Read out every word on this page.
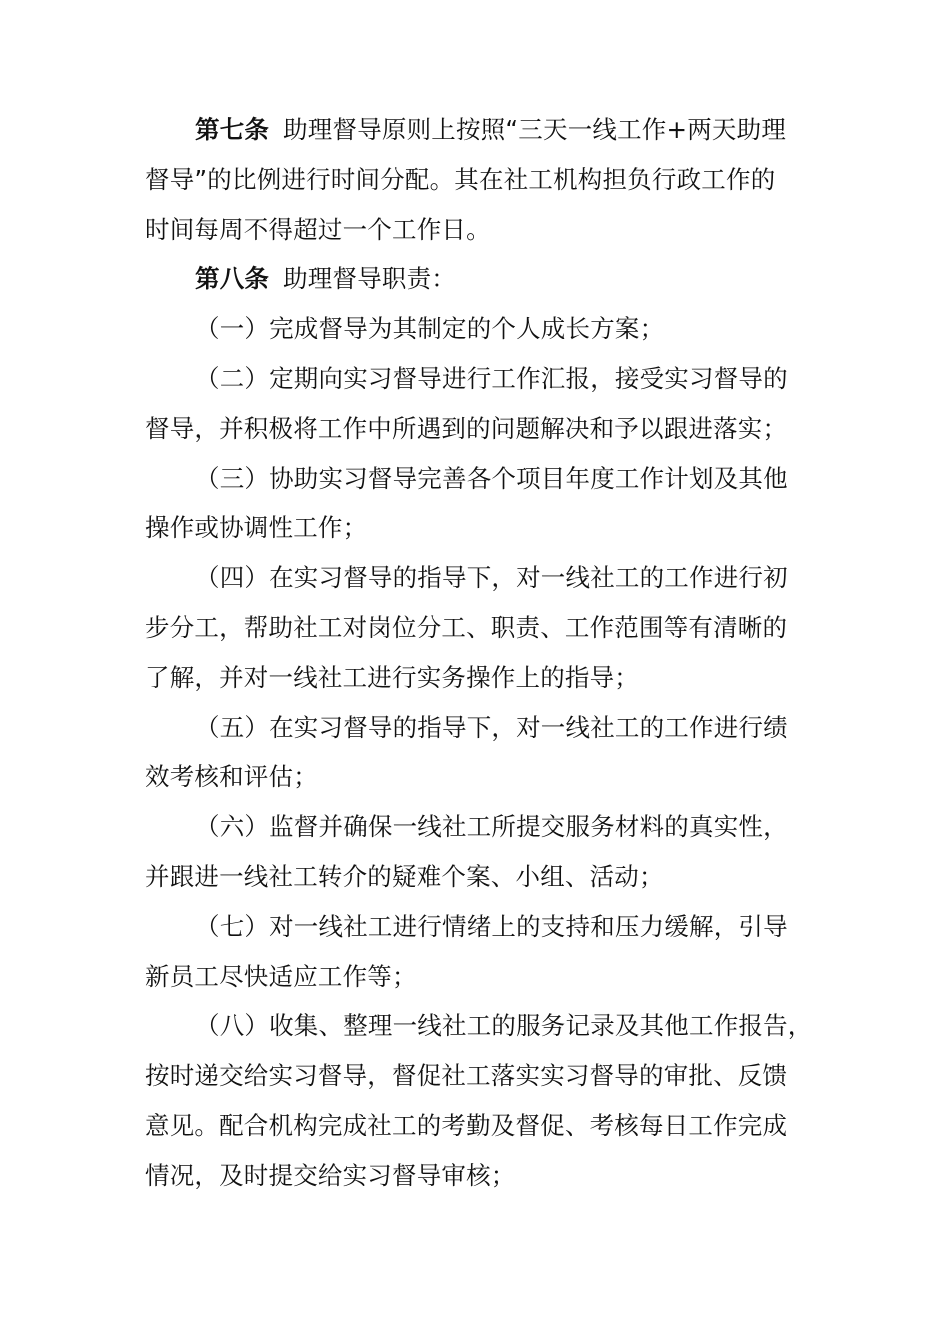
第七条 助理督导原则上按照“三天一线工作+两天助理
督导”的比例进行时间分配。其在社工机构担负行政工作的
时间每周不得超过一个工作日。

第八条 助理督导职责：

（一）完成督导为其制定的个人成长方案；

（二）定期向实习督导进行工作汇报，接受实习督导的
督导，并积极将工作中所遇到的问题解决和予以跟进落实；

（三）协助实习督导完善各个项目年度工作计划及其他
操作或协调性工作；

（四）在实习督导的指导下，对一线社工的工作进行初
步分工，帮助社工对岗位分工、职责、工作范围等有清晰的
了解，并对一线社工进行实务操作上的指导；

（五）在实习督导的指导下，对一线社工的工作进行绩
效考核和评估；

（六）监督并确保一线社工所提交服务材料的真实性，
并跟进一线社工转介的疑难个案、小组、活动；

（七）对一线社工进行情绪上的支持和压力缓解，引导
新员工尽快适应工作等；

（八）收集、整理一线社工的服务记录及其他工作报告，
按时递交给实习督导，督促社工落实实习督导的审批、反馈
意见。配合机构完成社工的考勤及督促、考核每日工作完成
情况，及时提交给实习督导审核；
